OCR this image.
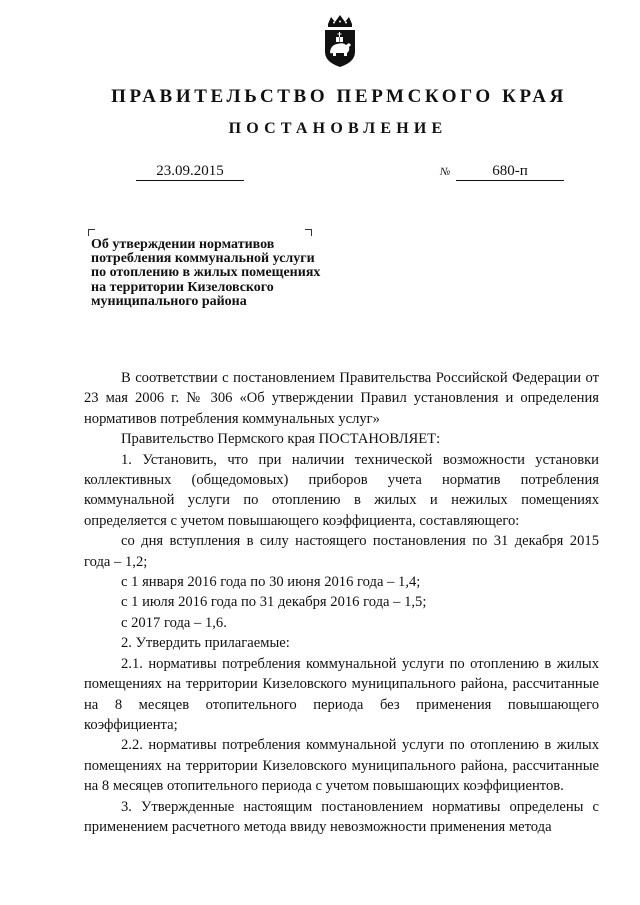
ПРАВИТЕЛЬСТВО ПЕРМСКОГО КРАЯ
ПОСТАНОВЛЕНИЕ
23.09.2015	№	680-п
Об утверждении нормативов потребления коммунальной услуги по отоплению в жилых помещениях на территории Кизеловского муниципального района

В соответствии с постановлением Правительства Российской Федерации от 23 мая 2006 г. № 306 «Об утверждении Правил установления и определения нормативов потребления коммунальных услуг»

Правительство Пермского края ПОСТАНОВЛЯЕТ:

1. Установить, что при наличии технической возможности установки коллективных (общедомовых) приборов учета норматив потребления коммунальной услуги по отоплению в жилых и нежилых помещениях определяется с учетом повышающего коэффициента, составляющего:

со дня вступления в силу настоящего постановления по 31 декабря 2015 года – 1,2;

с 1 января 2016 года по 30 июня 2016 года – 1,4;

с 1 июля 2016 года по 31 декабря 2016 года – 1,5;

с 2017 года – 1,6.

2. Утвердить прилагаемые:

2.1. нормативы потребления коммунальной услуги по отоплению в жилых помещениях на территории Кизеловского муниципального района, рассчитанные на 8 месяцев отопительного периода без применения повышающего коэффициента;

2.2. нормативы потребления коммунальной услуги по отоплению в жилых помещениях на территории Кизеловского муниципального района, рассчитанные на 8 месяцев отопительного периода с учетом повышающих коэффициентов.

3. Утвержденные настоящим постановлением нормативы определены с применением расчетного метода ввиду невозможности применения метода
